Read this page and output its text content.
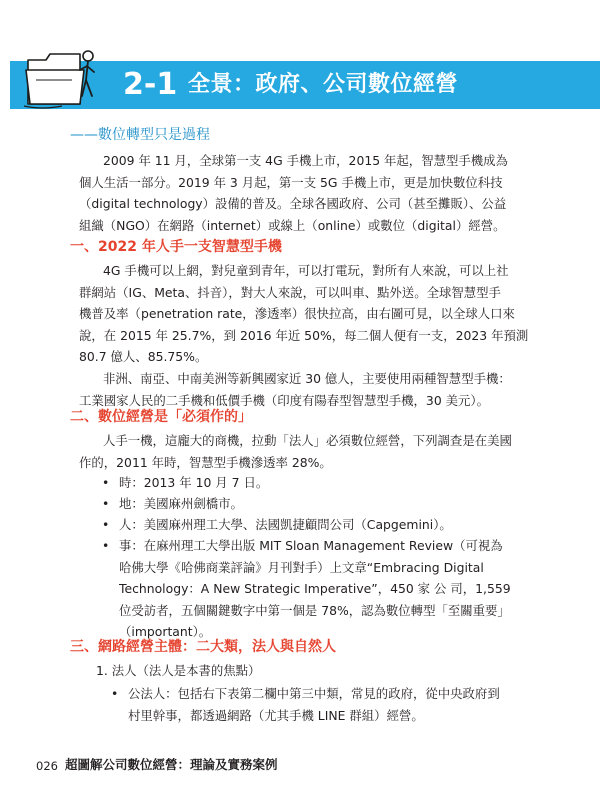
2-1 全景：政府、公司數位經營
——數位轉型只是過程
2009 年 11 月，全球第一支 4G 手機上市，2015 年起，智慧型手機成為
個人生活一部分。2019 年 3 月起，第一支 5G 手機上市，更是加快數位科技
（digital technology）設備的普及。全球各國政府、公司（甚至攤販）、公益
組織（NGO）在網路（internet）或線上（online）或數位（digital）經營。
一、2022 年人手一支智慧型手機
4G 手機可以上網，對兒童到青年，可以打電玩，對所有人來說，可以上社
群網站（IG、Meta、抖音），對大人來說，可以叫車、點外送。全球智慧型手
機普及率（penetration rate，滲透率）很快拉高，由右圖可見，以全球人口來
說，在 2015 年 25.7%，到 2016 年近 50%，每二個人便有一支，2023 年預測
80.7 億人、85.75%。
非洲、南亞、中南美洲等新興國家近 30 億人，主要使用兩種智慧型手機：
工業國家人民的二手機和低價手機（印度有陽春型智慧型手機，30 美元）。
二、數位經營是「必須作的」
人手一機，這龐大的商機，拉動「法人」必須數位經營，下列調查是在美國
作的，2011 年時，智慧型手機滲透率 28%。
• 時：2013 年 10 月 7 日。
• 地：美國麻州劍橋市。
• 人：美國麻州理工大學、法國凱捷顧問公司（Capgemini）。
• 事：在麻州理工大學出版 MIT Sloan Management Review（可視為
哈佛大學《哈佛商業評論》月刊對手）上文章“Embracing Digital
Technology：A New Strategic Imperative”，450 家 公 司，1,559
位受訪者，五個關鍵數字中第一個是 78%，認為數位轉型「至關重要」
（important）。
三、網路經營主體：二大類，法人與自然人
1. 法人（法人是本書的焦點）
• 公法人：包括右下表第二欄中第三中類，常見的政府，從中央政府到
村里幹事，都透過網路（尤其手機 LINE 群組）經營。
026 超圖解公司數位經營：理論及實務案例
